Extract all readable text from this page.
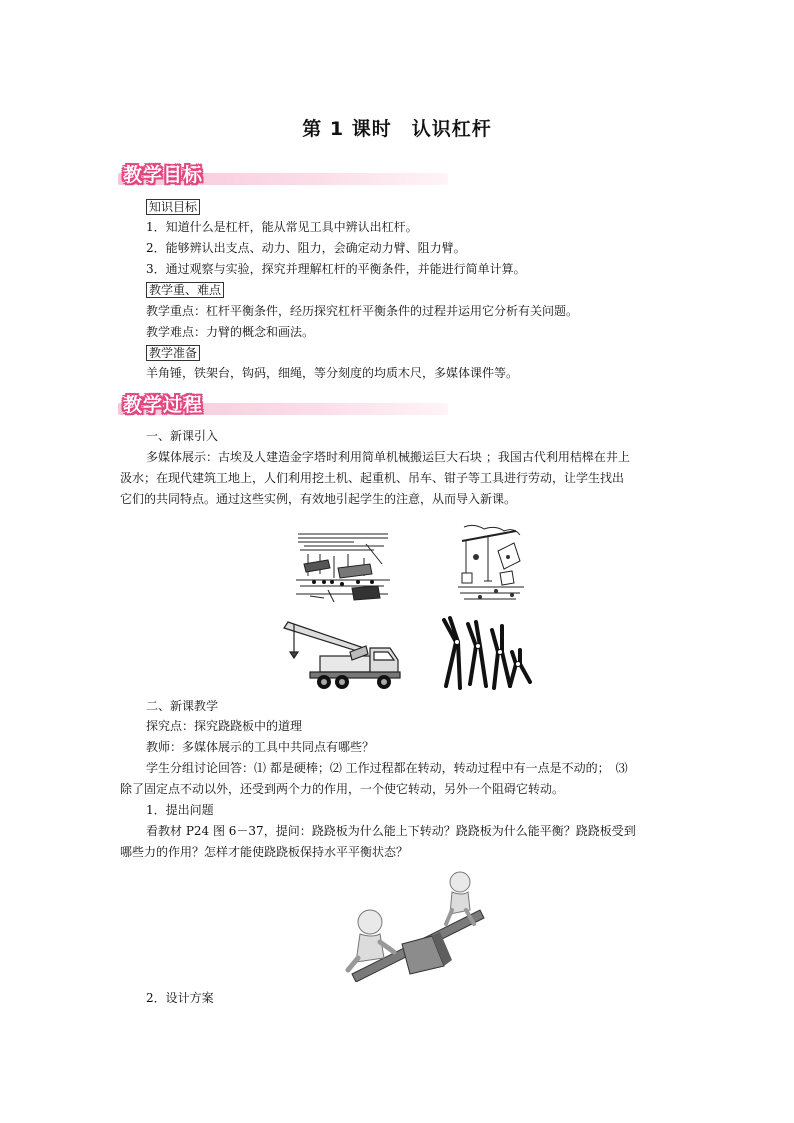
第 1 课时　认识杠杆
教学目标
知识目标
1．知道什么是杠杆，能从常见工具中辨认出杠杆。
2．能够辨认出支点、动力、阻力，会确定动力臂、阻力臂。
3．通过观察与实验，探究并理解杠杆的平衡条件，并能进行简单计算。
教学重、难点
教学重点：杠杆平衡条件，经历探究杠杆平衡条件的过程并运用它分析有关问题。
教学难点：力臂的概念和画法。
教学准备
羊角锤，铁架台，钩码，细绳，等分刻度的均质木尺，多媒体课件等。
教学过程
一、新课引入
多媒体展示：古埃及人建造金字塔时利用简单机械搬运巨大石块 ；我国古代利用桔槔在井上
汲水；在现代建筑工地上，人们利用挖土机、起重机、吊车、钳子等工具进行劳动，让学生找出
它们的共同特点。通过这些实例，有效地引起学生的注意，从而导入新课。
二、新课教学
探究点：探究跷跷板中的道理
教师：多媒体展示的工具中共同点有哪些？
学生分组讨论回答：⑴ 都是硬棒；⑵ 工作过程都在转动，转动过程中有一点是不动的；　⑶
除了固定点不动以外，还受到两个力的作用，一个使它转动，另外一个阻碍它转动。
1．提出问题
看教材 P24 图 6－37，提问：跷跷板为什么能上下转动？跷跷板为什么能平衡？跷跷板受到
哪些力的作用？怎样才能使跷跷板保持水平平衡状态？
2．设计方案
